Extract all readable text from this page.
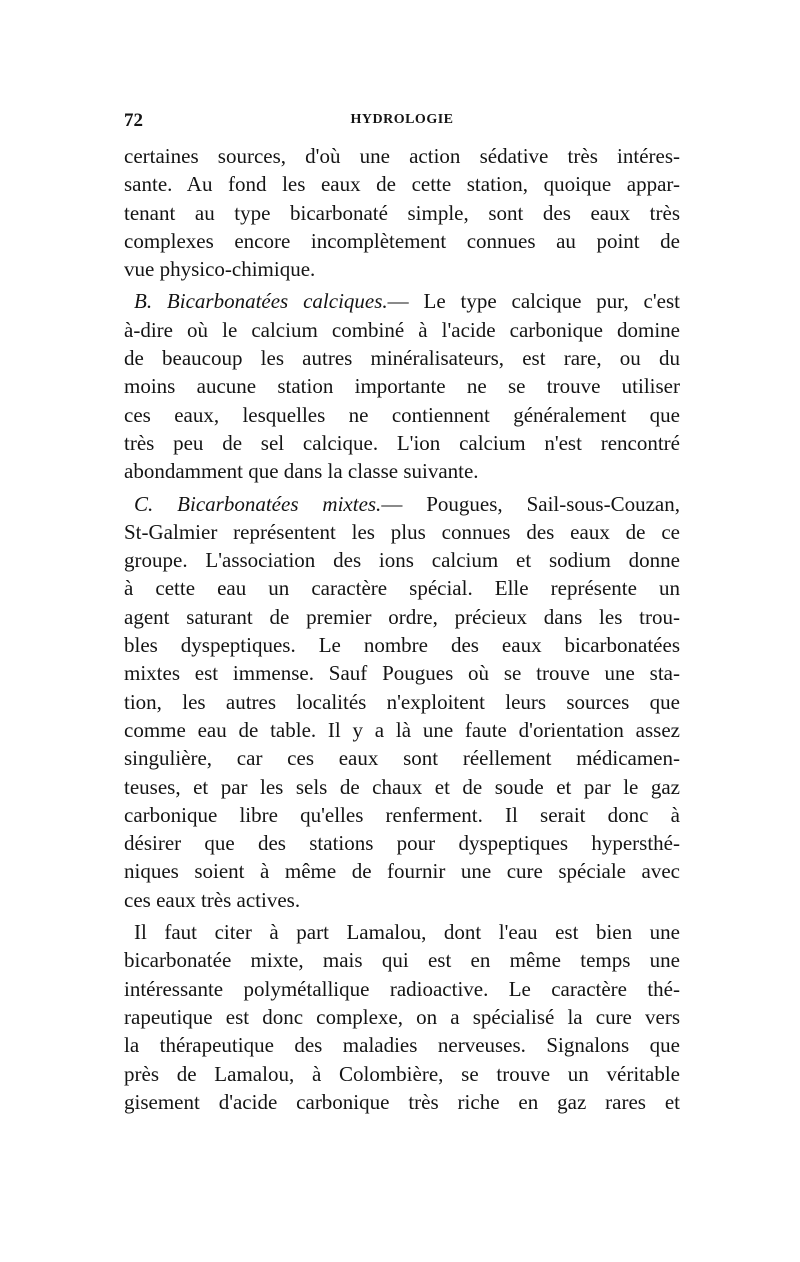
72	HYDROLOGIE

certaines sources, d'où une action sédative très intéres-
sante. Au fond les eaux de cette station, quoique appar-
tenant au type bicarbonaté simple, sont des eaux très
complexes encore incomplètement connues au point de
vue physico-chimique.

B. Bicarbonatées calciques.— Le type calcique pur, c'est
à-dire où le calcium combiné à l'acide carbonique domine
de beaucoup les autres minéralisateurs, est rare, ou du
moins aucune station importante ne se trouve utiliser
ces eaux, lesquelles ne contiennent généralement que
très peu de sel calcique. L'ion calcium n'est rencontré
abondamment que dans la classe suivante.

C. Bicarbonatées mixtes.— Pougues, Sail-sous-Couzan,
St-Galmier représentent les plus connues des eaux de ce
groupe. L'association des ions calcium et sodium donne
à cette eau un caractère spécial. Elle représente un
agent saturant de premier ordre, précieux dans les trou-
bles dyspeptiques. Le nombre des eaux bicarbonatées
mixtes est immense. Sauf Pougues où se trouve une sta-
tion, les autres localités n'exploitent leurs sources que
comme eau de table. Il y a là une faute d'orientation assez
singulière, car ces eaux sont réellement médicamen-
teuses, et par les sels de chaux et de soude et par le gaz
carbonique libre qu'elles renferment. Il serait donc à
désirer que des stations pour dyspeptiques hypersthé-
niques soient à même de fournir une cure spéciale avec
ces eaux très actives.

Il faut citer à part Lamalou, dont l'eau est bien une
bicarbonatée mixte, mais qui est en même temps une
intéressante polymétallique radioactive. Le caractère thé-
rapeutique est donc complexe, on a spécialisé la cure vers
la thérapeutique des maladies nerveuses. Signalons que
près de Lamalou, à Colombière, se trouve un véritable
gisement d'acide carbonique très riche en gaz rares et
